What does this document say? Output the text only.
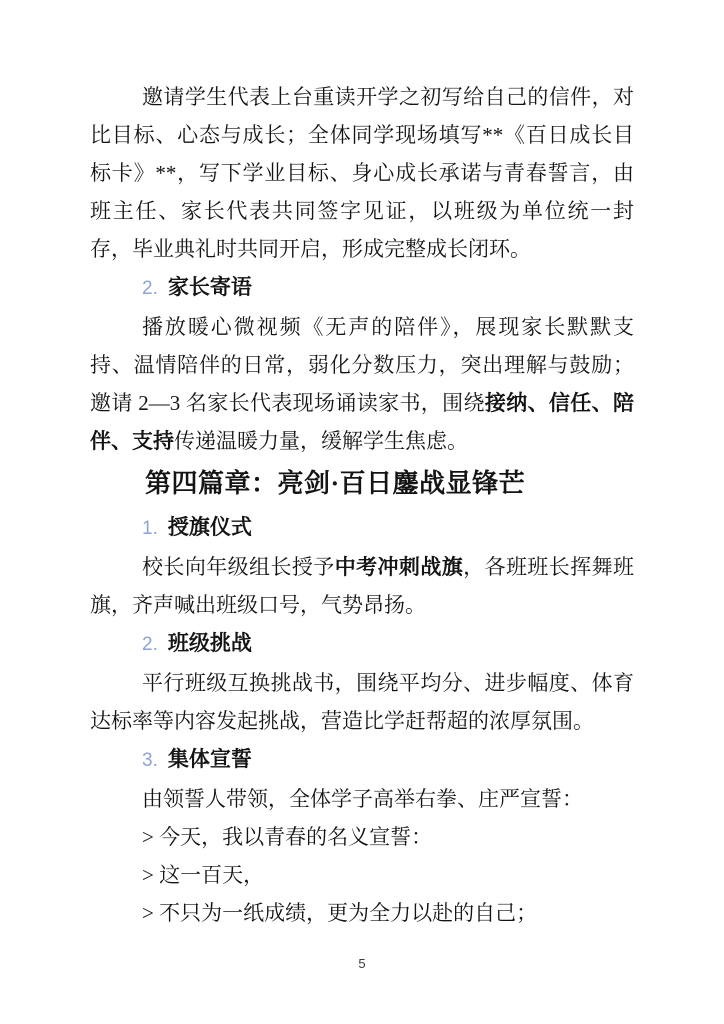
邀请学生代表上台重读开学之初写给自己的信件，对比目标、心态与成长；全体同学现场填写**《百日成长目标卡》**，写下学业目标、身心成长承诺与青春誓言，由班主任、家长代表共同签字见证，以班级为单位统一封存，毕业典礼时共同开启，形成完整成长闭环。

2. 家长寄语

播放暖心微视频《无声的陪伴》，展现家长默默支持、温情陪伴的日常，弱化分数压力，突出理解与鼓励；邀请 2—3 名家长代表现场诵读家书，围绕接纳、信任、陪伴、支持传递温暖力量，缓解学生焦虑。

第四篇章：亮剑·百日鏖战显锋芒
1. 授旗仪式

校长向年级组长授予中考冲刺战旗，各班班长挥舞班旗，齐声喊出班级口号，气势昂扬。

2. 班级挑战

平行班级互换挑战书，围绕平均分、进步幅度、体育达标率等内容发起挑战，营造比学赶帮超的浓厚氛围。

3. 集体宣誓

由领誓人带领，全体学子高举右拳、庄严宣誓：

> 今天，我以青春的名义宣誓：

> 这一百天，

> 不只为一纸成绩，更为全力以赴的自己；

5
